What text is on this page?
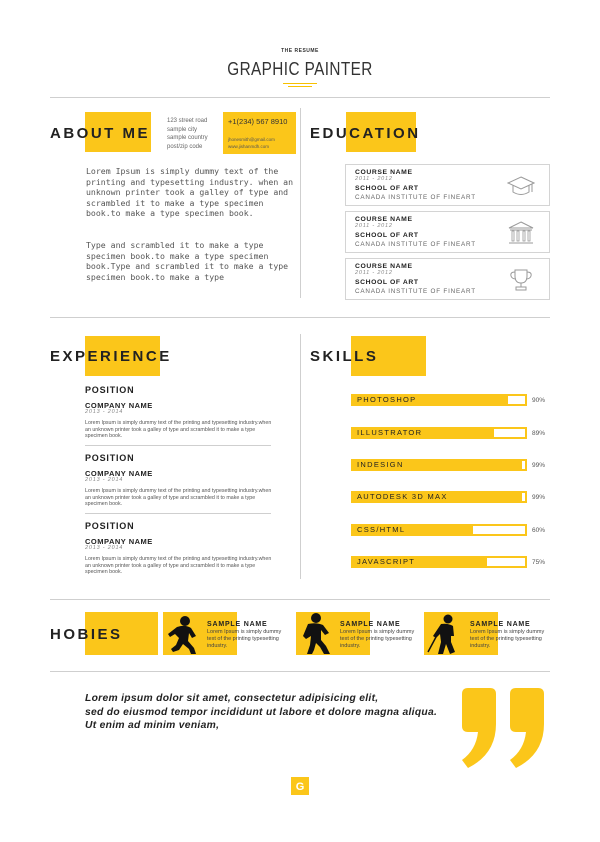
THE RESUME
GRAPHIC PAINTER
ABOUT ME
123 street road
sample city
sample country
post/zip code
+1(234) 567 8910
jhonesmith@gmail.com
www.jishanmdh.com
Lorem Ipsum is simply dummy text of the printing and typesetting industry. when an unknown printer took a galley of type and scrambled it to make a type specimen book.to make a type specimen book.
Type and scrambled it to make a type specimen book.to make a type specimen book.Type and scrambled it to make a type specimen book.to make a type
EDUCATION
COURSE NAME
2011 - 2012
SCHOOL OF ART
CANADA INSTITUTE OF FINEART
COURSE NAME
2011 - 2012
SCHOOL OF ART
CANADA INSTITUTE OF FINEART
COURSE NAME
2011 - 2012
SCHOOL OF ART
CANADA INSTITUTE OF FINEART
EXPERIENCE
POSITION
COMPANY NAME
2013 - 2014
Lorem Ipsum is simply dummy text of the printing and typesetting industry.when an unknown printer took a galley of type and scrambled it to make a type specimen book.
POSITION
COMPANY NAME
2013 - 2014
Lorem Ipsum is simply dummy text of the printing and typesetting industry.when an unknown printer took a galley of type and scrambled it to make a type specimen book.
POSITION
COMPANY NAME
2013 - 2014
Lorem Ipsum is simply dummy text of the printing and typesetting industry.when an unknown printer took a galley of type and scrambled it to make a type specimen book.
SKILLS
PHOTOSHOP	90%
ILLUSTRATOR	89%
INDESIGN	99%
AUTODESK 3D MAX	99%
CSS/HTML	60%
JAVASCRIPT	75%
HOBIES
SAMPLE NAME
Lorem Ipsum is simply dummy text of the printing typesetting industry.
SAMPLE NAME
Lorem Ipsum is simply dummy text of the printing typesetting industry.
SAMPLE NAME
Lorem Ipsum is simply dummy text of the printing typesetting industry.
Lorem ipsum dolor sit amet, consectetur adipisicing elit,
sed do eiusmod tempor incididunt ut labore et dolore magna aliqua.
Ut enim ad minim veniam,
G
